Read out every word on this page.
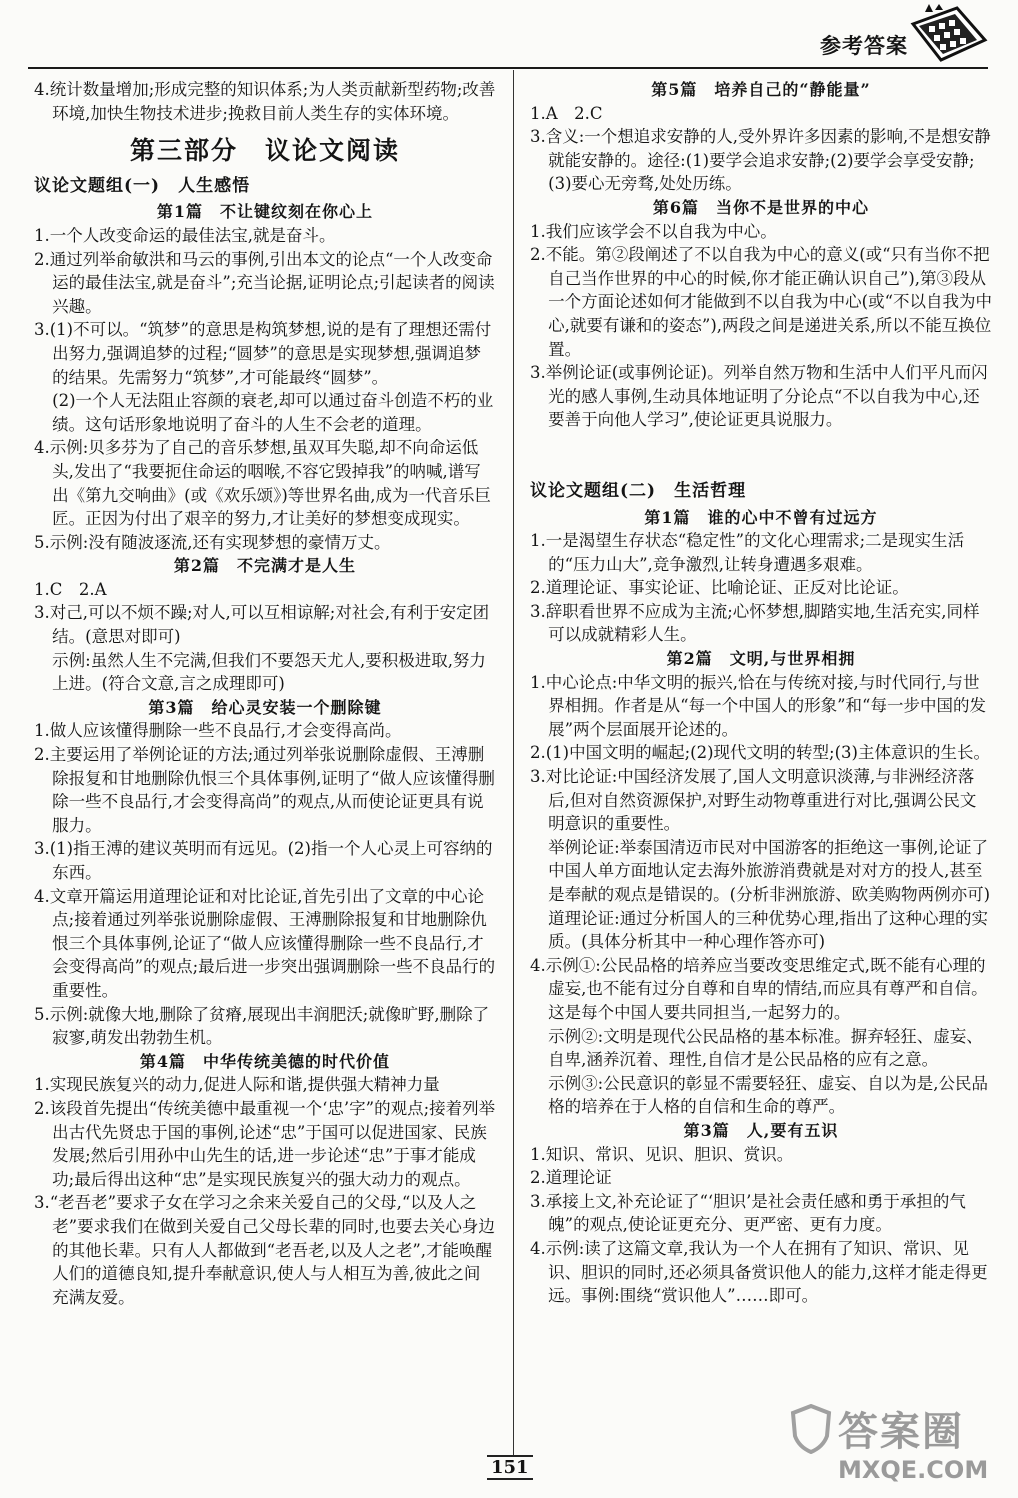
参考答案

4.统计数量增加;形成完整的知识体系;为人类贡献新型药物;改善环境,加快生物技术进步;挽救目前人类生存的实体环境。

第三部分　议论文阅读
议论文题组(一)　人生感悟
第1篇　不让键纹刻在你心上

1.一个人改变命运的最佳法宝,就是奋斗。

2.通过列举俞敏洪和马云的事例,引出本文的论点“一个人改变命运的最佳法宝,就是奋斗”;充当论据,证明论点;引起读者的阅读兴趣。

3.(1)不可以。“筑梦”的意思是构筑梦想,说的是有了理想还需付出努力,强调追梦的过程;“圆梦”的意思是实现梦想,强调追梦的结果。先需努力“筑梦”,才可能最终“圆梦”。

(2)一个人无法阻止容颜的衰老,却可以通过奋斗创造不朽的业绩。这句话形象地说明了奋斗的人生不会老的道理。

4.示例:贝多芬为了自己的音乐梦想,虽双耳失聪,却不向命运低头,发出了“我要扼住命运的咽喉,不容它毁掉我”的呐喊,谱写出《第九交响曲》(或《欢乐颂》)等世界名曲,成为一代音乐巨匠。正因为付出了艰辛的努力,才让美好的梦想变成现实。

5.示例:没有随波逐流,还有实现梦想的豪情万丈。

第2篇　不完满才是人生

1.C　2.A

3.对己,可以不烦不躁;对人,可以互相谅解;对社会,有利于安定团结。(意思对即可)

示例:虽然人生不完满,但我们不要怨天尤人,要积极进取,努力上进。(符合文意,言之成理即可)

第3篇　给心灵安装一个删除键

1.做人应该懂得删除一些不良品行,才会变得高尚。

2.主要运用了举例论证的方法;通过列举张说删除虚假、王溥删除报复和甘地删除仇恨三个具体事例,证明了“做人应该懂得删除一些不良品行,才会变得高尚”的观点,从而使论证更具有说服力。

3.(1)指王溥的建议英明而有远见。(2)指一个人心灵上可容纳的东西。

4.文章开篇运用道理论证和对比论证,首先引出了文章的中心论点;接着通过列举张说删除虚假、王溥删除报复和甘地删除仇恨三个具体事例,论证了“做人应该懂得删除一些不良品行,才会变得高尚”的观点;最后进一步突出强调删除一些不良品行的重要性。

5.示例:就像大地,删除了贫瘠,展现出丰润肥沃;就像旷野,删除了寂寥,萌发出勃勃生机。

第4篇　中华传统美德的时代价值

1.实现民族复兴的动力,促进人际和谐,提供强大精神力量

2.该段首先提出“传统美德中最重视一个‘忠’字”的观点;接着列举出古代先贤忠于国的事例,论述“忠”于国可以促进国家、民族发展;然后引用孙中山先生的话,进一步论述“忠”于事才能成功;最后得出这种“忠”是实现民族复兴的强大动力的观点。

3.“老吾老”要求子女在学习之余来关爱自己的父母,“以及人之老”要求我们在做到关爱自己父母长辈的同时,也要去关心身边的其他长辈。只有人人都做到“老吾老,以及人之老”,才能唤醒人们的道德良知,提升奉献意识,使人与人相互为善,彼此之间充满友爱。

第5篇　培养自己的“静能量”

1.A　2.C

3.含义:一个想追求安静的人,受外界许多因素的影响,不是想安静就能安静的。途径:(1)要学会追求安静;(2)要学会享受安静;(3)要心无旁骛,处处历练。

第6篇　当你不是世界的中心

1.我们应该学会不以自我为中心。

2.不能。第②段阐述了不以自我为中心的意义(或“只有当你不把自己当作世界的中心的时候,你才能正确认识自己”),第③段从一个方面论述如何才能做到不以自我为中心(或“不以自我为中心,就要有谦和的姿态”),两段之间是递进关系,所以不能互换位置。

3.举例论证(或事例论证)。列举自然万物和生活中人们平凡而闪光的感人事例,生动具体地证明了分论点“不以自我为中心,还要善于向他人学习”,使论证更具说服力。

议论文题组(二)　生活哲理
第1篇　谁的心中不曾有过远方

1.一是渴望生存状态“稳定性”的文化心理需求;二是现实生活的“压力山大”,竞争激烈,让转身遭遇多艰难。

2.道理论证、事实论证、比喻论证、正反对比论证。

3.辞职看世界不应成为主流;心怀梦想,脚踏实地,生活充实,同样可以成就精彩人生。

第2篇　文明,与世界相拥

1.中心论点:中华文明的振兴,恰在与传统对接,与时代同行,与世界相拥。作者是从“每一个中国人的形象”和“每一步中国的发展”两个层面展开论述的。

2.(1)中国文明的崛起;(2)现代文明的转型;(3)主体意识的生长。

3.对比论证:中国经济发展了,国人文明意识淡薄,与非洲经济落后,但对自然资源保护,对野生动物尊重进行对比,强调公民文明意识的重要性。

举例论证:举泰国清迈市民对中国游客的拒绝这一事例,论证了中国人单方面地认定去海外旅游消费就是对对方的投人,甚至是奉献的观点是错误的。(分析非洲旅游、欧美购物两例亦可)

道理论证:通过分析国人的三种优势心理,指出了这种心理的实质。(具体分析其中一种心理作答亦可)

4.示例①:公民品格的培养应当要改变思维定式,既不能有心理的虚妄,也不能有过分自尊和自卑的情结,而应具有尊严和自信。这是每个中国人要共同担当,一起努力的。

示例②:文明是现代公民品格的基本标准。摒弃轻狂、虚妄、自卑,涵养沉着、理性,自信才是公民品格的应有之意。

示例③:公民意识的彰显不需要轻狂、虚妄、自以为是,公民品格的培养在于人格的自信和生命的尊严。

第3篇　人,要有五识

1.知识、常识、见识、胆识、赏识。

2.道理论证

3.承接上文,补充论证了“‘胆识’是社会责任感和勇于承担的气魄”的观点,使论证更充分、更严密、更有力度。

4.示例:读了这篇文章,我认为一个人在拥有了知识、常识、见识、胆识的同时,还必须具备赏识他人的能力,这样才能走得更远。事例:围绕“赏识他人”……即可。

151
答案圈
MXQE.COM
